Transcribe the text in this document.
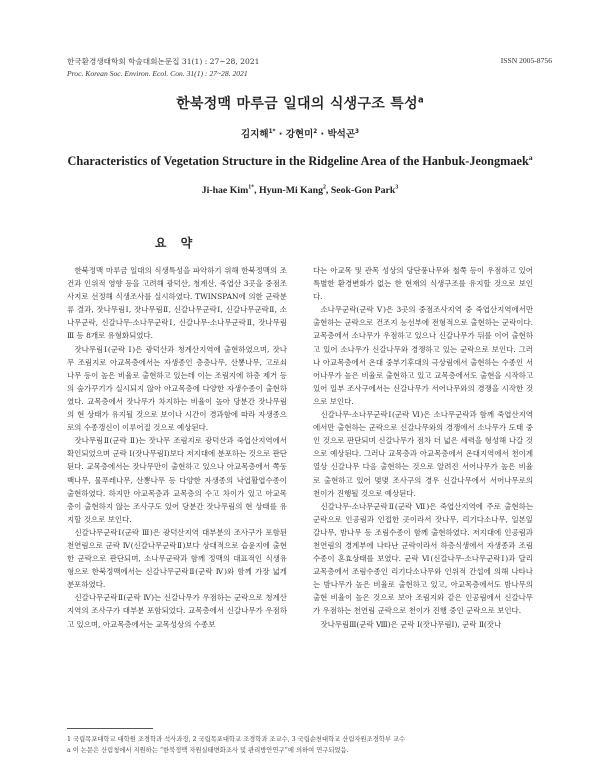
한국환경생태학회 학술대회논문집 31(1) : 27~28, 2021
Proc. Korean Soc. Environ. Ecol. Con. 31(1) : 27~28. 2021
ISSN 2005-8756
한북정맥 마루금 일대의 식생구조 특성$^a$
김지해$^{1*}$ · 강현미$^2$ · 박석곤$^3$
Characteristics of Vegetation Structure in the Ridgeline Area of the Hanbuk-Jeongmaek$^a$
Ji-hae Kim$^{1*}$, Hyun-Mi Kang$^2$, Seok-Gon Park$^3$
요 약

한북정맥 마루금 일대의 식생특성을 파악하기 위해 한북정맥의 조건과 인위적 영향 등을 고려해 광덕산, 청계산, 죽엽산 3곳을 중점조사지로 선정해 식생조사를 실시하였다. TWINSPAN에 의한 군락분류 결과, 잣나무림Ⅰ, 잣나무림Ⅱ, 신갈나무군락Ⅰ, 신갈나무군락Ⅱ, 소나무군락, 신갈나무-소나무군락Ⅰ, 신갈나무-소나무군락Ⅱ, 잣나무림Ⅲ 등 8개로 유형화되었다.

잣나무림Ⅰ(군락 Ⅰ)은 광덕산과 청계산지역에 출현하였으며, 잣나무 조림지로 아교목층에서는 자생종인 층층나무, 산뽕나무, 고로쇠나무 등이 높은 비율로 출현하고 있는데 이는 조림지에 하층 제거 등의 숲가꾸기가 실시되지 않아 아교목층에 다양한 자생수종이 출현하였다. 교목층에서 잣나무가 차지하는 비율이 높아 당분간 잣나무림의 현 상태가 유지될 것으로 보이나 시간이 경과함에 따라 자생종으로의 수종갱신이 이루어질 것으로 예상된다.

잣나무림Ⅱ(군락 Ⅱ)는 잣나무 조림지로 광덕산과 죽엽산지역에서 확인되었으며 군락 Ⅰ(잣나무림Ⅰ)보다 저지대에 분포하는 것으로 판단된다. 교목층에서는 잣나무만이 출현하고 있으나 아교목층에서 쪽동백나무, 물푸레나무, 산뽕나무 등 다양한 자생종의 낙엽활엽수종이 출현하였다. 하지만 아교목층과 교목층의 수고 차이가 있고 아교목층이 출현하지 않는 조사구도 있어 당분간 잣나무림의 현 상태를 유지할 것으로 보인다.

신갈나무군락Ⅰ(군락 Ⅲ)은 광덕산지역 대부분의 조사구가 포함된 천연림으로 군락 Ⅳ(신갈나무군락Ⅱ)보다 상대적으로 습윤지에 출현한 군락으로 판단되며, 소나무군락과 함께 정맥의 대표적인 식생유형으로 한북정맥에서는 신갈나무군락Ⅱ(군락 Ⅳ)와 함께 가장 넓게 분포하였다.

신갈나무군락Ⅱ(군락 Ⅳ)는 신갈나무가 우점하는 군락으로 청계산 지역의 조사구가 대부분 포함되었다. 교목층에서 신갈나무가 우점하고 있으며, 아교목층에서는 교목성상의 수종보

다는 아교목 및 관목 성상의 당단풍나무와 철쭉 등이 우점하고 있어 특별한 환경변화가 없는 한 현재의 식생구조를 유지할 것으로 보인다.

소나무군락(군락 Ⅴ)은 3곳의 중점조사지역 중 죽엽산지역에서만 출현하는 군락으로 건조지 능선부에 전형적으로 출현하는 군락이다. 교목층에서 소나무가 우점하고 있으나 신갈나무가 뒤를 이어 출현하고 있어 소나무가 신갈나무와 경쟁하고 있는 군락으로 보인다. 그러나 아교목층에서 온대 중부기후대의 극상림에서 출현하는 수종인 서어나무가 높은 비율로 출현하고 있고 교목층에서도 출현을 시작하고 있어 일부 조사구에서는 신갈나무가 서어나무와의 경쟁을 시작한 것으로 보인다.

신갈나무-소나무군락Ⅰ(군락 Ⅵ)은 소나무군락과 함께 죽엽산지역에서만 출현하는 군락으로 신갈나무와의 경쟁에서 소나무가 도태 중인 것으로 판단되며 신갈나무가 점차 더 넓은 세력을 형성해 나갈 것으로 예상된다. 그러나 교목층과 아교목층에서 온대지역에서 천이계열상 신갈나무 다음 출현하는 것으로 알려진 서어나무가 높은 비율로 출현하고 있어 몇몇 조사구의 경우 신갈나무에서 서어나무로의 천이가 진행될 것으로 예상된다.

신갈나무-소나무군락Ⅱ(군락 Ⅶ)은 죽엽산지역에 주로 출현하는 군락으로 인공림과 인접한 곳이라서 잣나무, 리기다소나무, 일본잎갈나무, 밤나무 등 조림수종이 함께 출현하였다. 저지대에 인공림과 천연림의 경계부에 나타난 군락이라서 하층식생에서 자생종과 조림수종이 혼효상태를 보였다. 군락 Ⅵ(신갈나무-소나무군락Ⅰ)과 달리 교목층에서 조림수종인 리기다소나무와 인위적 간섭에 의해 나타나는 밤나무가 높은 비율로 출현하고 있고, 아교목층에서도 밤나무의 출현 비율이 높은 것으로 보아 조림지와 같은 인공림에서 신갈나무가 우점하는 천연림 군락으로 천이가 진행 중인 군락으로 보인다.

잣나무림Ⅲ(군락 Ⅷ)은 군락 Ⅰ(잣나무림Ⅰ), 군락 Ⅱ(잣나

1 국립목포대학교 대학원 조경학과 석사과정, 2 국립목포대학교 조경학과 조교수, 3 국립순천대학교 산림자원조경학부 교수
a 이 논문은 산림청에서 지원하는 “한북정맥 자원실태변화조사 및 관리방안연구”에 의하여 연구되었음.
